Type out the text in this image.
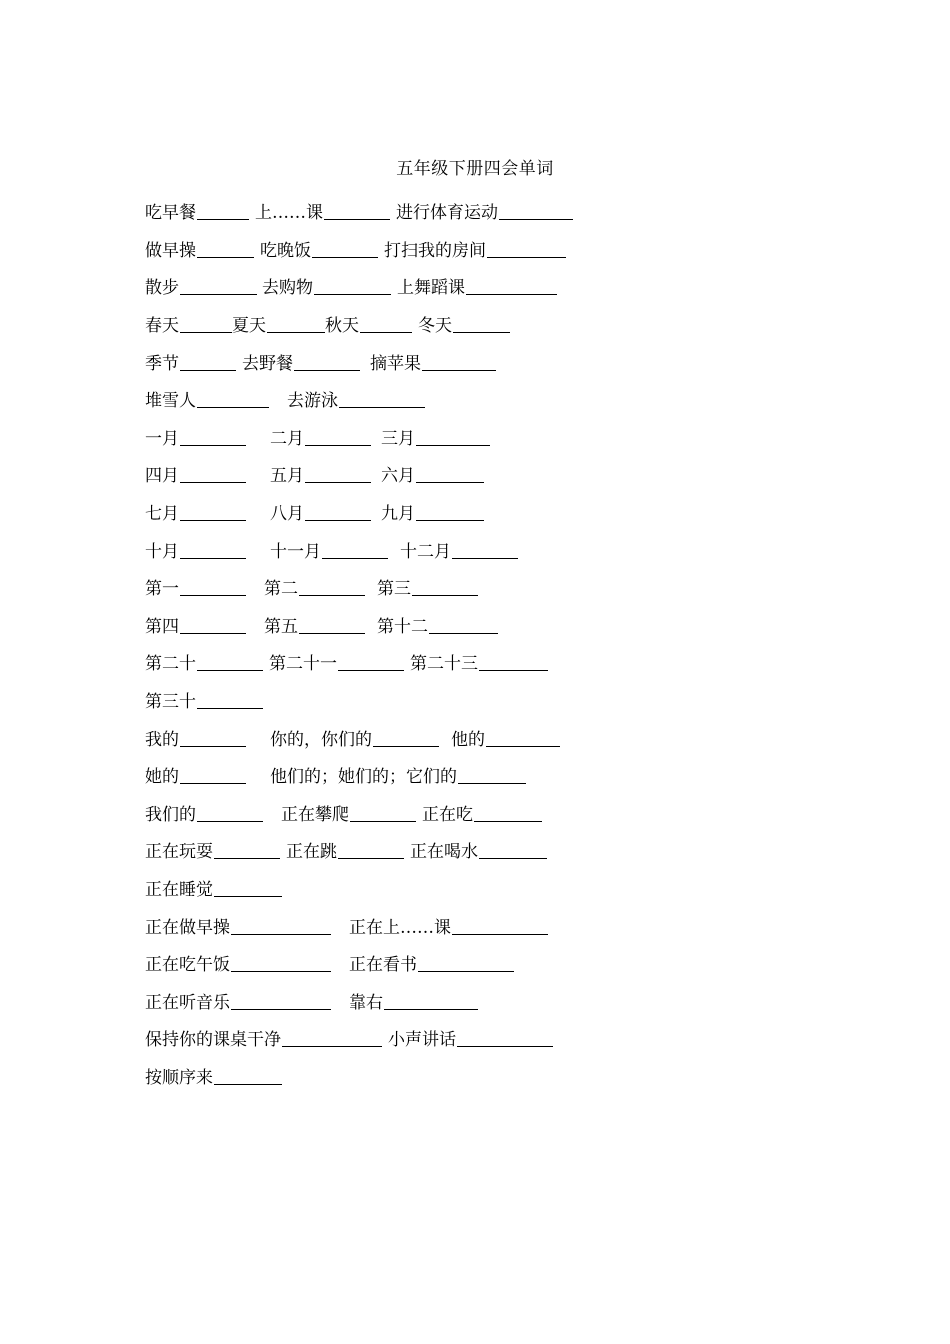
五年级下册四会单词
吃早餐	上……课	进行体育运动
做早操	吃晚饭	打扫我的房间
散步	去购物	上舞蹈课
春天	夏天	秋天	冬天
季节	去野餐	摘苹果
堆雪人	去游泳
一月	二月	三月
四月	五月	六月
七月	八月	九月
十月	十一月	十二月
第一	第二	第三
第四	第五	第十二
第二十	第二十一	第二十三
第三十
我的	你的，你们的	他的
她的	他们的；她们的；它们的
我们的	正在攀爬	正在吃
正在玩耍	正在跳	正在喝水
正在睡觉
正在做早操	正在上……课
正在吃午饭	正在看书
正在听音乐	靠右
保持你的课桌干净	小声讲话
按顺序来
